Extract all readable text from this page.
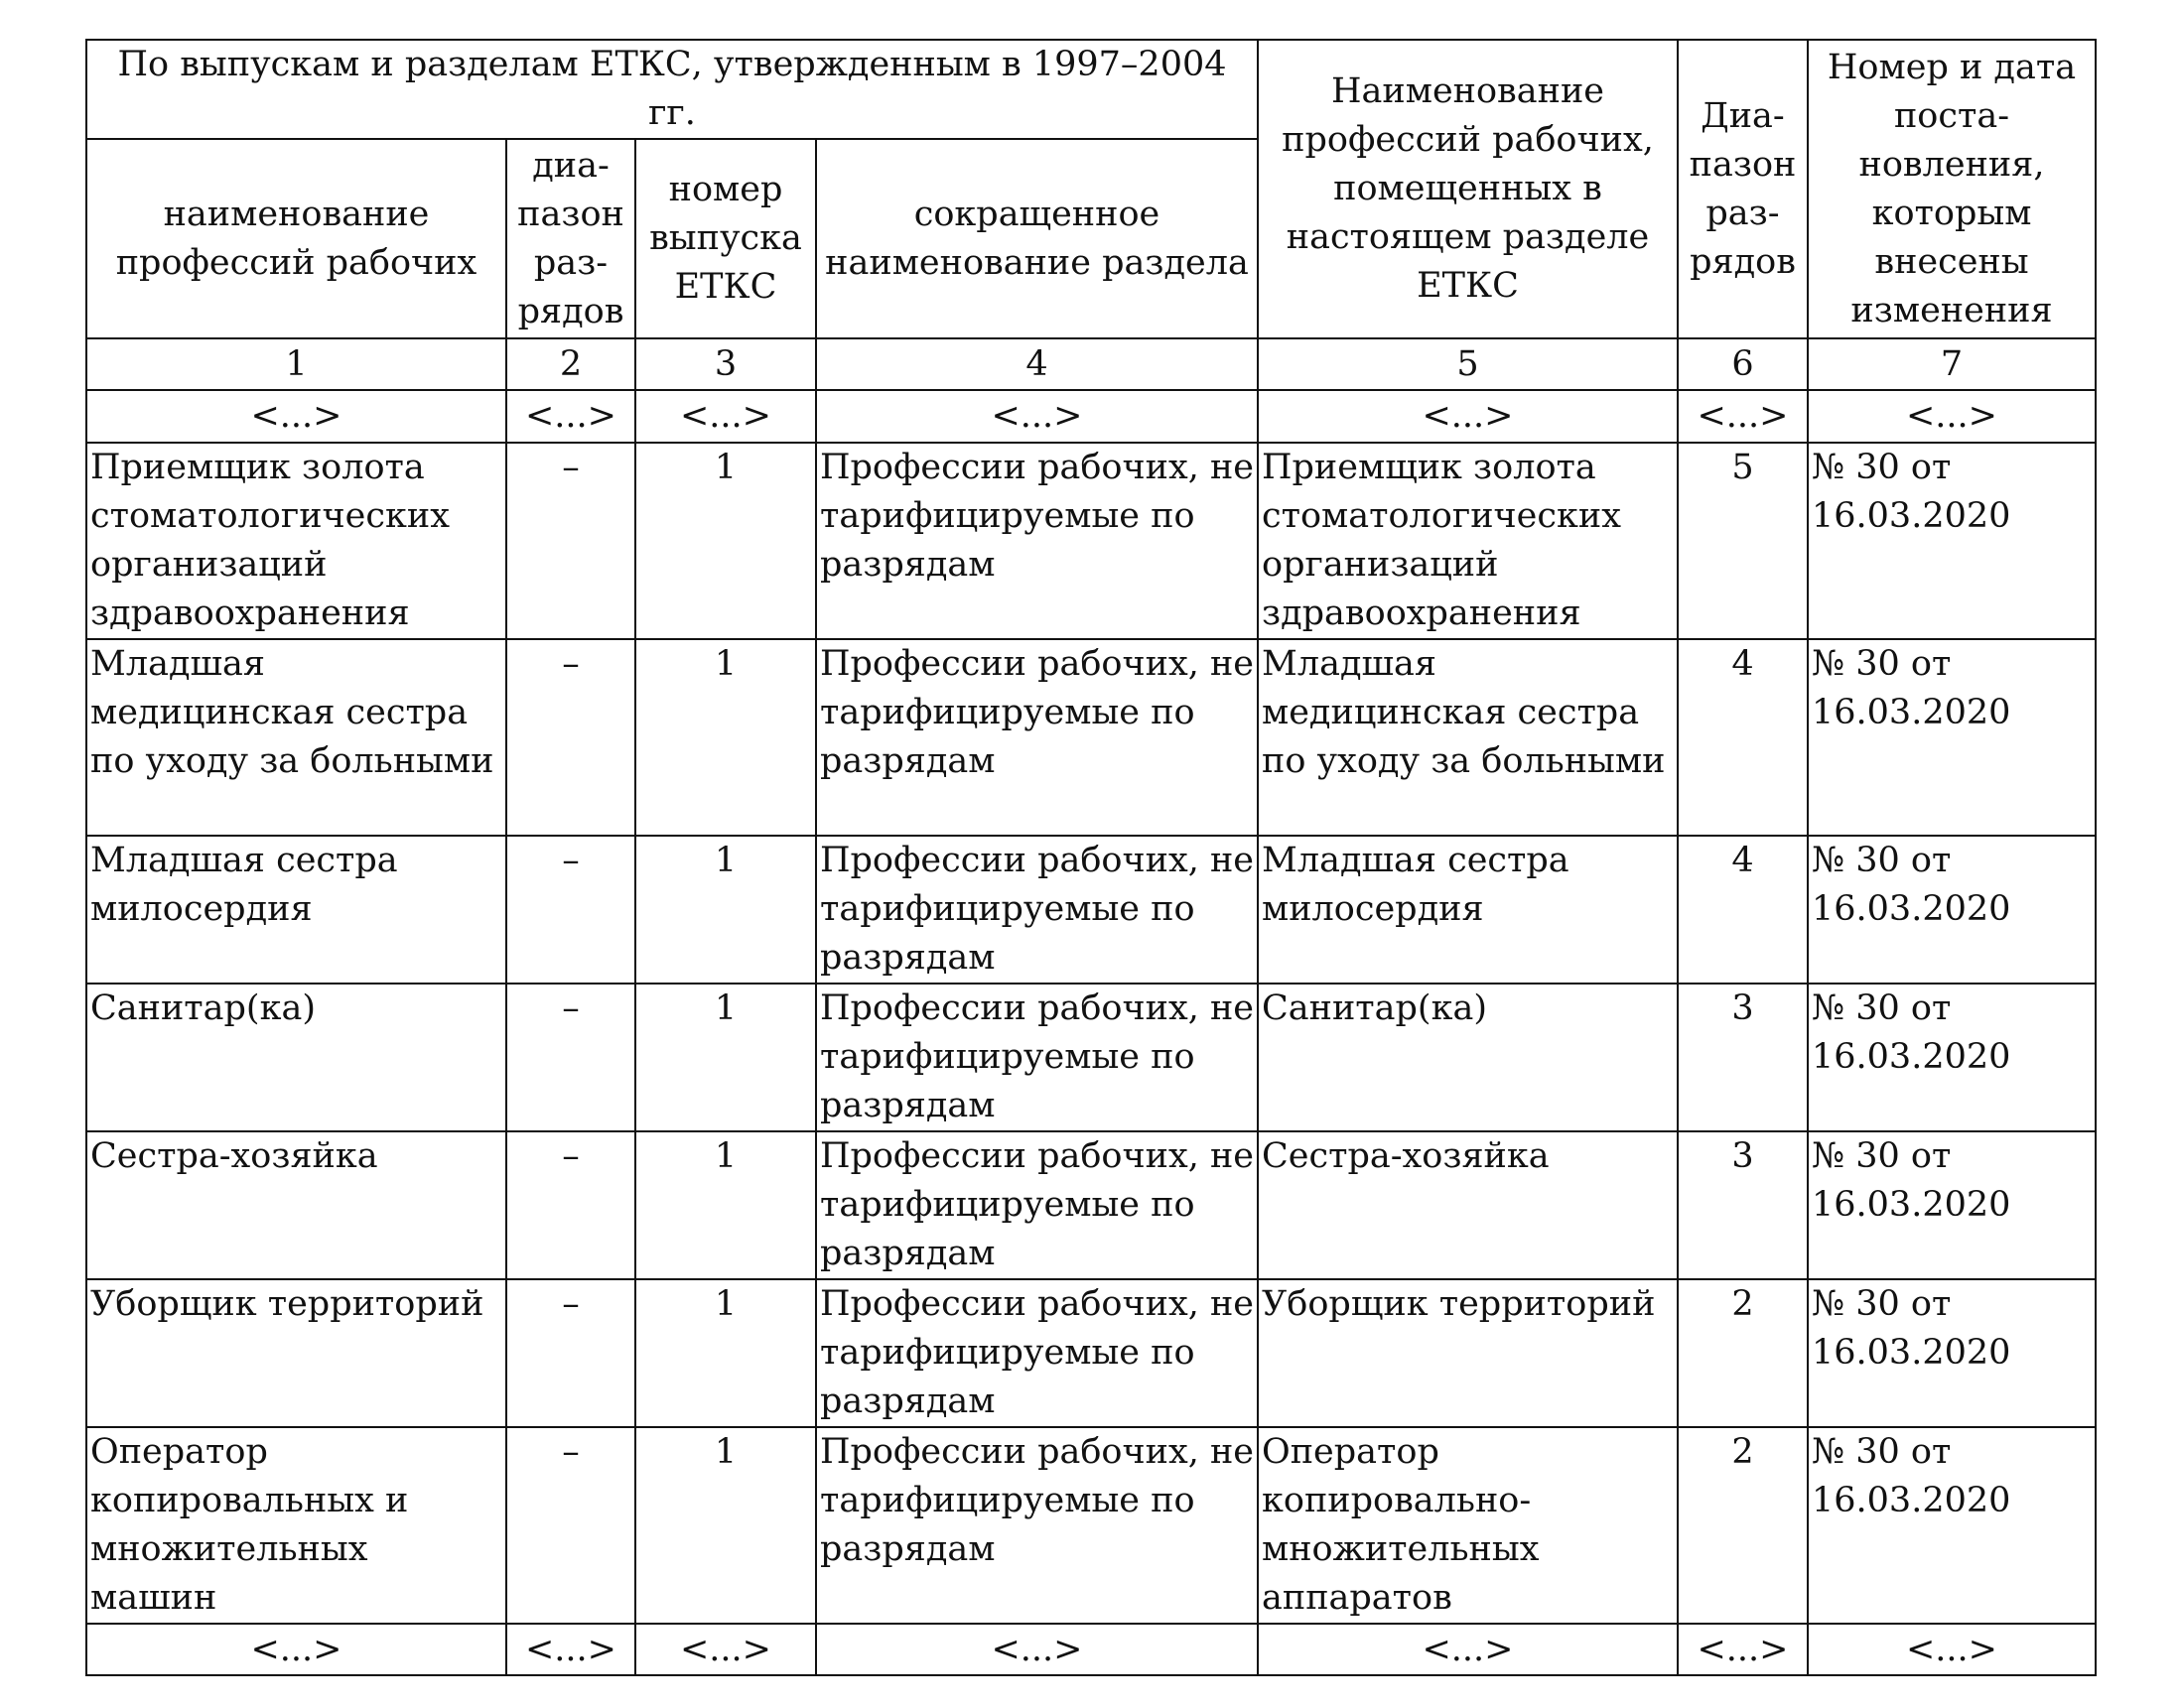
По выпускам и разделам ЕТКС, утвержденным в 1997–2004 гг.				Наименование профессий рабочих, помещенных в настоящем разделе ЕТКС	Диа-пазон раз-рядов	Номер и дата поста-новления, которым внесены изменения
наименование профессий рабочих	диа-пазон раз-рядов	номер выпуска ЕТКС	сокращенное наименование раздела			
1	2	3	4	5	6	7
<...>	<...>	<...>	<...>	<...>	<...>	<...>
Приемщик золота стоматологических организаций здравоохранения	–	1	Профессии рабочих, не тарифицируемые по разрядам	Приемщик золота стоматологических организаций здравоохранения	5	№ 30 от 16.03.2020
Младшая медицинская сестра по уходу за больными	–	1	Профессии рабочих, не тарифицируемые по разрядам	Младшая медицинская сестра по уходу за больными	4	№ 30 от 16.03.2020
Младшая сестра милосердия	–	1	Профессии рабочих, не тарифицируемые по разрядам	Младшая сестра милосердия	4	№ 30 от 16.03.2020
Санитар(ка)	–	1	Профессии рабочих, не тарифицируемые по разрядам	Санитар(ка)	3	№ 30 от 16.03.2020
Сестра-хозяйка	–	1	Профессии рабочих, не тарифицируемые по разрядам	Сестра-хозяйка	3	№ 30 от 16.03.2020
Уборщик территорий	–	1	Профессии рабочих, не тарифицируемые по разрядам	Уборщик территорий	2	№ 30 от 16.03.2020
Оператор копировальных и множительных машин	–	1	Профессии рабочих, не тарифицируемые по разрядам	Оператор копировально-множительных аппаратов	2	№ 30 от 16.03.2020
<...>	<...>	<...>	<...>	<...>	<...>	<...>
